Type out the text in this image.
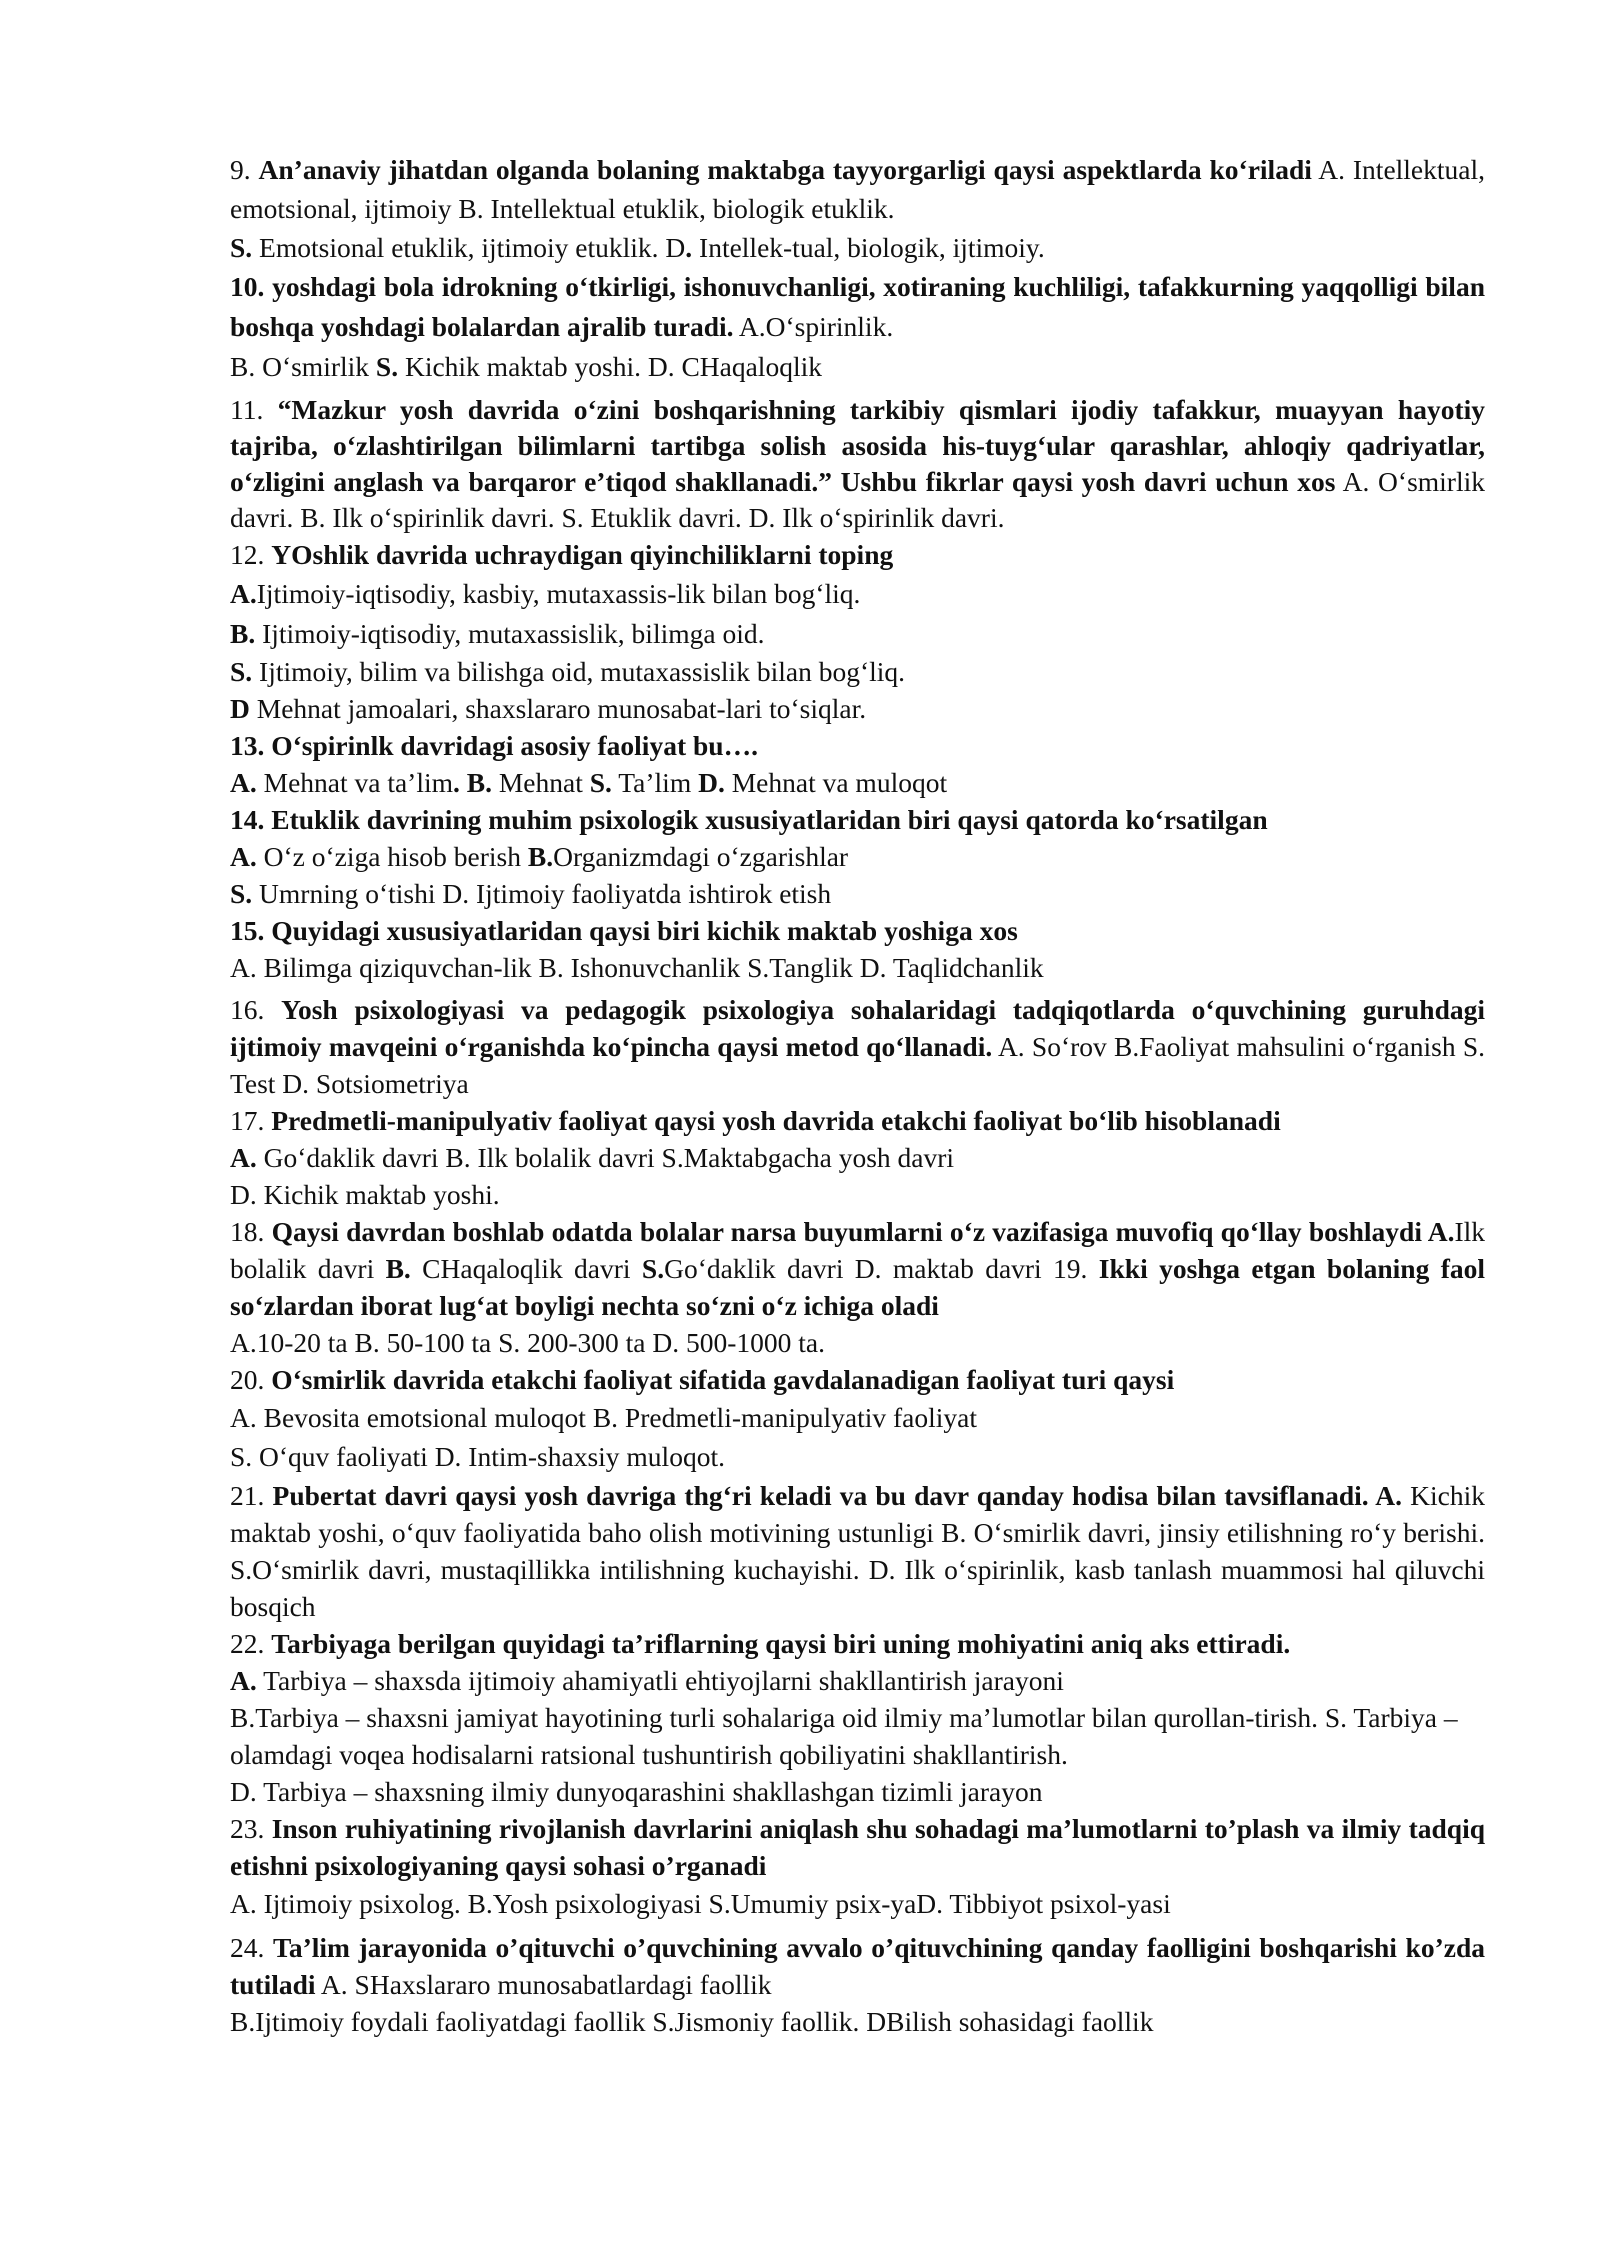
9. An’anaviy jihatdan olganda bolaning maktabga tayyorgarligi qaysi aspektlarda ko‘riladi A. Intellektual, emotsional, ijtimoiy B. Intellektual etuklik, biologik etuklik.
S. Emotsional etuklik, ijtimoiy etuklik. D. Intellek-tual, biologik, ijtimoiy.

10. yoshdagi bola idrokning o‘tkirligi, ishonuvchanligi, xotiraning kuchliligi, tafakkurning yaqqolligi bilan boshqa yoshdagi bolalardan ajralib turadi. A.O‘spirinlik.
B. O‘smirlik S. Kichik maktab yoshi. D. CHaqaloqlik

11. “Mazkur yosh davrida o‘zini boshqarishning tarkibiy qismlari ijodiy tafakkur, muayyan hayotiy tajriba, o‘zlashtirilgan bilimlarni tartibga solish asosida his-tuyg‘ular qarashlar, ahloqiy qadriyatlar, o‘zligini anglash va barqaror e’tiqod shakllanadi.” Ushbu fikrlar qaysi yosh davri uchun xos A. O‘smirlik davri. B. Ilk o‘spirinlik davri. S. Etuklik davri. D. Ilk o‘spirinlik davri.

12. YOshlik davrida uchraydigan qiyinchiliklarni toping

A.Ijtimoiy-iqtisodiy, kasbiy, mutaxassis-lik bilan bog‘liq.

B. Ijtimoiy-iqtisodiy, mutaxassislik, bilimga oid.

S. Ijtimoiy, bilim va bilishga oid, mutaxassislik bilan bog‘liq.

D Mehnat jamoalari, shaxslararo munosabat-lari to‘siqlar.

13. O‘spirinlk davridagi asosiy faoliyat bu….

A. Mehnat va ta’lim. B. Mehnat S. Ta’lim D. Mehnat va muloqot

14. Etuklik davrining muhim psixologik xususiyatlaridan biri qaysi qatorda ko‘rsatilgan

A. O‘z o‘ziga hisob berish B.Organizmdagi o‘zgarishlar

S. Umrning o‘tishi D. Ijtimoiy faoliyatda ishtirok etish

15. Quyidagi xususiyatlaridan qaysi biri kichik maktab yoshiga xos

A. Bilimga qiziquvchan-lik B. Ishonuvchanlik S.Tanglik D. Taqlidchanlik

16. Yosh psixologiyasi va pedagogik psixologiya sohalaridagi tadqiqotlarda o‘quvchining guruhdagi ijtimoiy mavqeini o‘rganishda ko‘pincha qaysi metod qo‘llanadi. A. So‘rov B.Faoliyat mahsulini o‘rganish S. Test D. Sotsiometriya

17. Predmetli-manipulyativ faoliyat qaysi yosh davrida etakchi faoliyat bo‘lib hisoblanadi
A. Go‘daklik davri B. Ilk bolalik davri S.Maktabgacha yosh davri
D. Kichik maktab yoshi.

18. Qaysi davrdan boshlab odatda bolalar narsa buyumlarni o‘z vazifasiga muvofiq qo‘llay boshlaydi A.Ilk bolalik davri B. CHaqaloqlik davri S.Go‘daklik davri D. maktab davri 19. Ikki yoshga etgan bolaning faol so‘zlardan iborat lug‘at boyligi nechta so‘zni o‘z ichiga oladi
A.10-20 ta B. 50-100 ta S. 200-300 ta D. 500-1000 ta.

20. O‘smirlik davrida etakchi faoliyat sifatida gavdalanadigan faoliyat turi qaysi

A. Bevosita emotsional muloqot B. Predmetli-manipulyativ faoliyat

S. O‘quv faoliyati D. Intim-shaxsiy muloqot.

21. Pubertat davri qaysi yosh davriga thg‘ri keladi va bu davr qanday hodisa bilan tavsiflanadi. A. Kichik maktab yoshi, o‘quv faoliyatida baho olish motivining ustunligi B. O‘smirlik davri, jinsiy etilishning ro‘y berishi. S.O‘smirlik davri, mustaqillikka intilishning kuchayishi. D. Ilk o‘spirinlik, kasb tanlash muammosi hal qiluvchi bosqich

22. Tarbiyaga berilgan quyidagi ta’riflarning qaysi biri uning mohiyatini aniq aks ettiradi.
A. Tarbiya – shaxsda ijtimoiy ahamiyatli ehtiyojlarni shakllantirish jarayoni

B.Tarbiya – shaxsni jamiyat hayotining turli sohalariga oid ilmiy ma’lumotlar bilan qurollan-tirish. S. Tarbiya – olamdagi voqea hodisalarni ratsional tushuntirish qobiliyatini shakllantirish.

D. Tarbiya – shaxsning ilmiy dunyoqarashini shakllashgan tizimli jarayon

23. Inson ruhiyatining rivojlanish davrlarini aniqlash shu sohadagi ma’lumotlarni to’plash va ilmiy tadqiq etishni psixologiyaning qaysi sohasi o’rganadi

A. Ijtimoiy psixolog. B.Yosh psixologiyasi S.Umumiy psix-yaD. Tibbiyot psixol-yasi

24. Ta’lim jarayonida o’qituvchi o’quvchining avvalo o’qituvchining qanday faolligini boshqarishi ko’zda tutiladi A. SHaxslararo munosabatlardagi faollik

B.Ijtimoiy foydali faoliyatdagi faollik S.Jismoniy faollik. DBilish sohasidagi faollik
